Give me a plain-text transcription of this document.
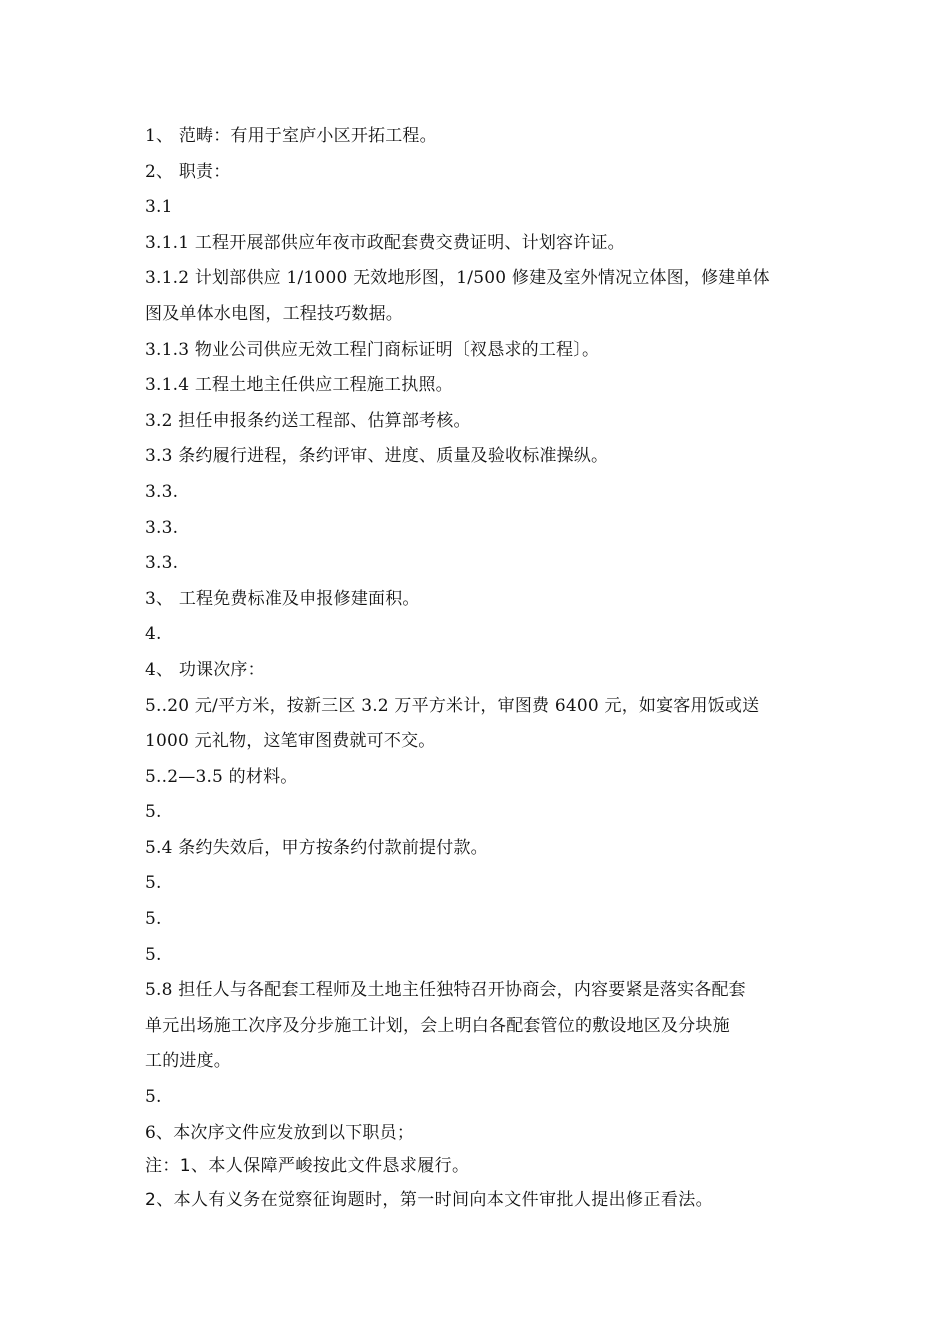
1、 范畴：有用于室庐小区开拓工程。
2、 职责：
3.1
3.1.1 工程开展部供应年夜市政配套费交费证明、计划容许证。
3.1.2 计划部供应 1/1000 无效地形图，1/500 修建及室外情况立体图，修建单体
图及单体水电图，工程技巧数据。
3.1.3 物业公司供应无效工程门商标证明〔衩恳求的工程〕。
3.1.4 工程土地主任供应工程施工执照。
3.2 担任申报条约送工程部、估算部考核。
3.3 条约履行进程，条约评审、进度、质量及验收标准操纵。
3.3.
3.3.
3.3.
3、 工程免费标准及申报修建面积。
4.
4、 功课次序：
5..20 元/平方米，按新三区 3.2 万平方米计，审图费 6400 元，如宴客用饭或送
1000 元礼物，这笔审图费就可不交。
5..2—3.5 的材料。
5.
5.4 条约失效后，甲方按条约付款前提付款。
5.
5.
5.
5.8 担任人与各配套工程师及土地主任独特召开协商会，内容要紧是落实各配套
单元出场施工次序及分步施工计划，会上明白各配套管位的敷设地区及分块施
工的进度。
5.
6、本次序文件应发放到以下职员；
注：1、本人保障严峻按此文件恳求履行。
2、本人有义务在觉察征询题时，第一时间向本文件审批人提出修正看法。
